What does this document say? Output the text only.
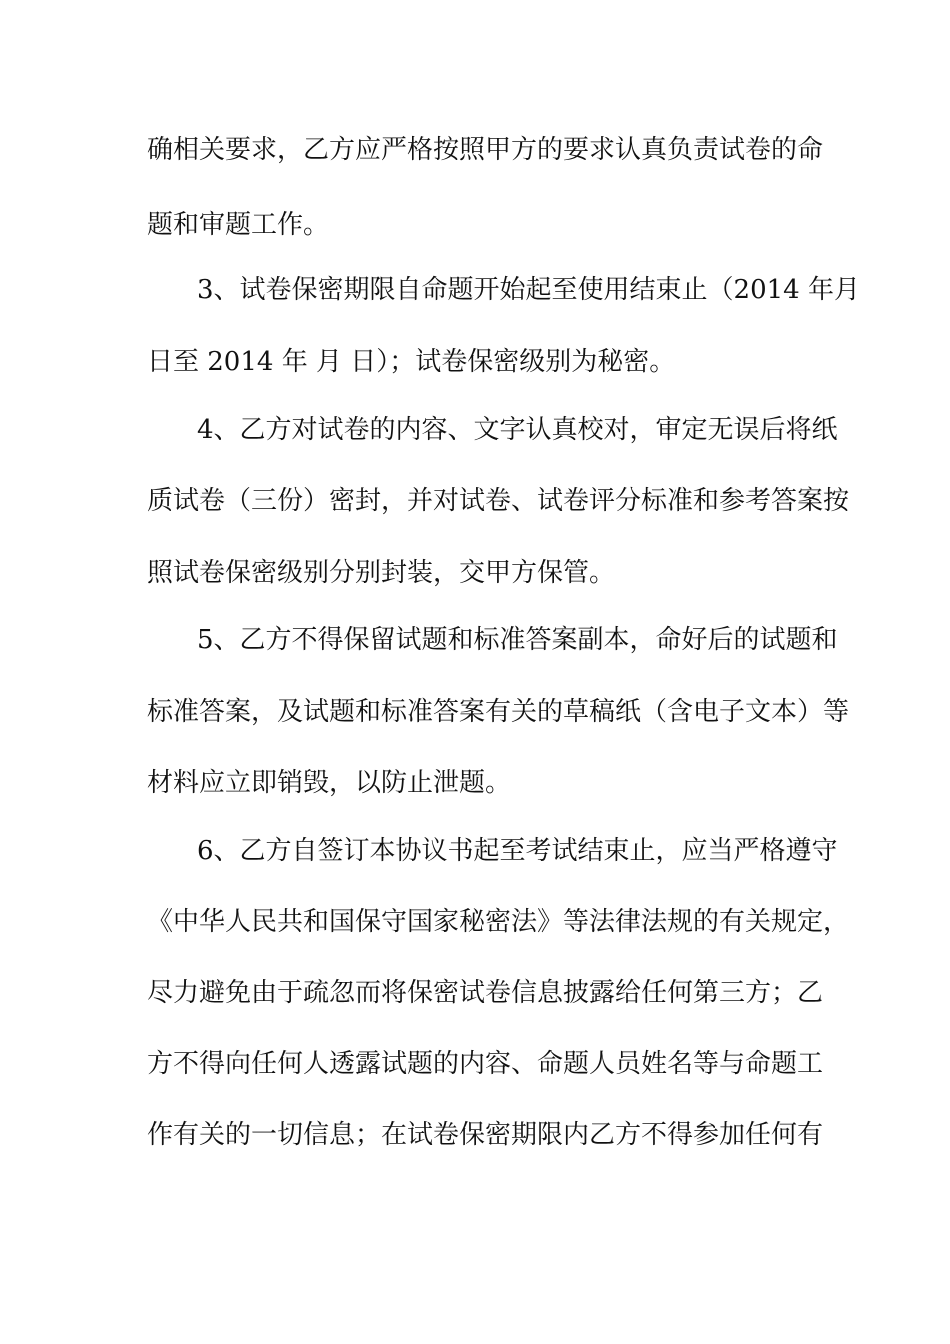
确相关要求，乙方应严格按照甲方的要求认真负责试卷的命
题和审题工作。
3、试卷保密期限自命题开始起至使用结束止（2014 年月
日至 2014 年 月 日）；试卷保密级别为秘密。
4、乙方对试卷的内容、文字认真校对，审定无误后将纸
质试卷（三份）密封，并对试卷、试卷评分标准和参考答案按
照试卷保密级别分别封装，交甲方保管。
5、乙方不得保留试题和标准答案副本，命好后的试题和
标准答案，及试题和标准答案有关的草稿纸（含电子文本）等
材料应立即销毁，以防止泄题。
6、乙方自签订本协议书起至考试结束止，应当严格遵守
《中华人民共和国保守国家秘密法》等法律法规的有关规定，
尽力避免由于疏忽而将保密试卷信息披露给任何第三方；乙
方不得向任何人透露试题的内容、命题人员姓名等与命题工
作有关的一切信息；在试卷保密期限内乙方不得参加任何有
